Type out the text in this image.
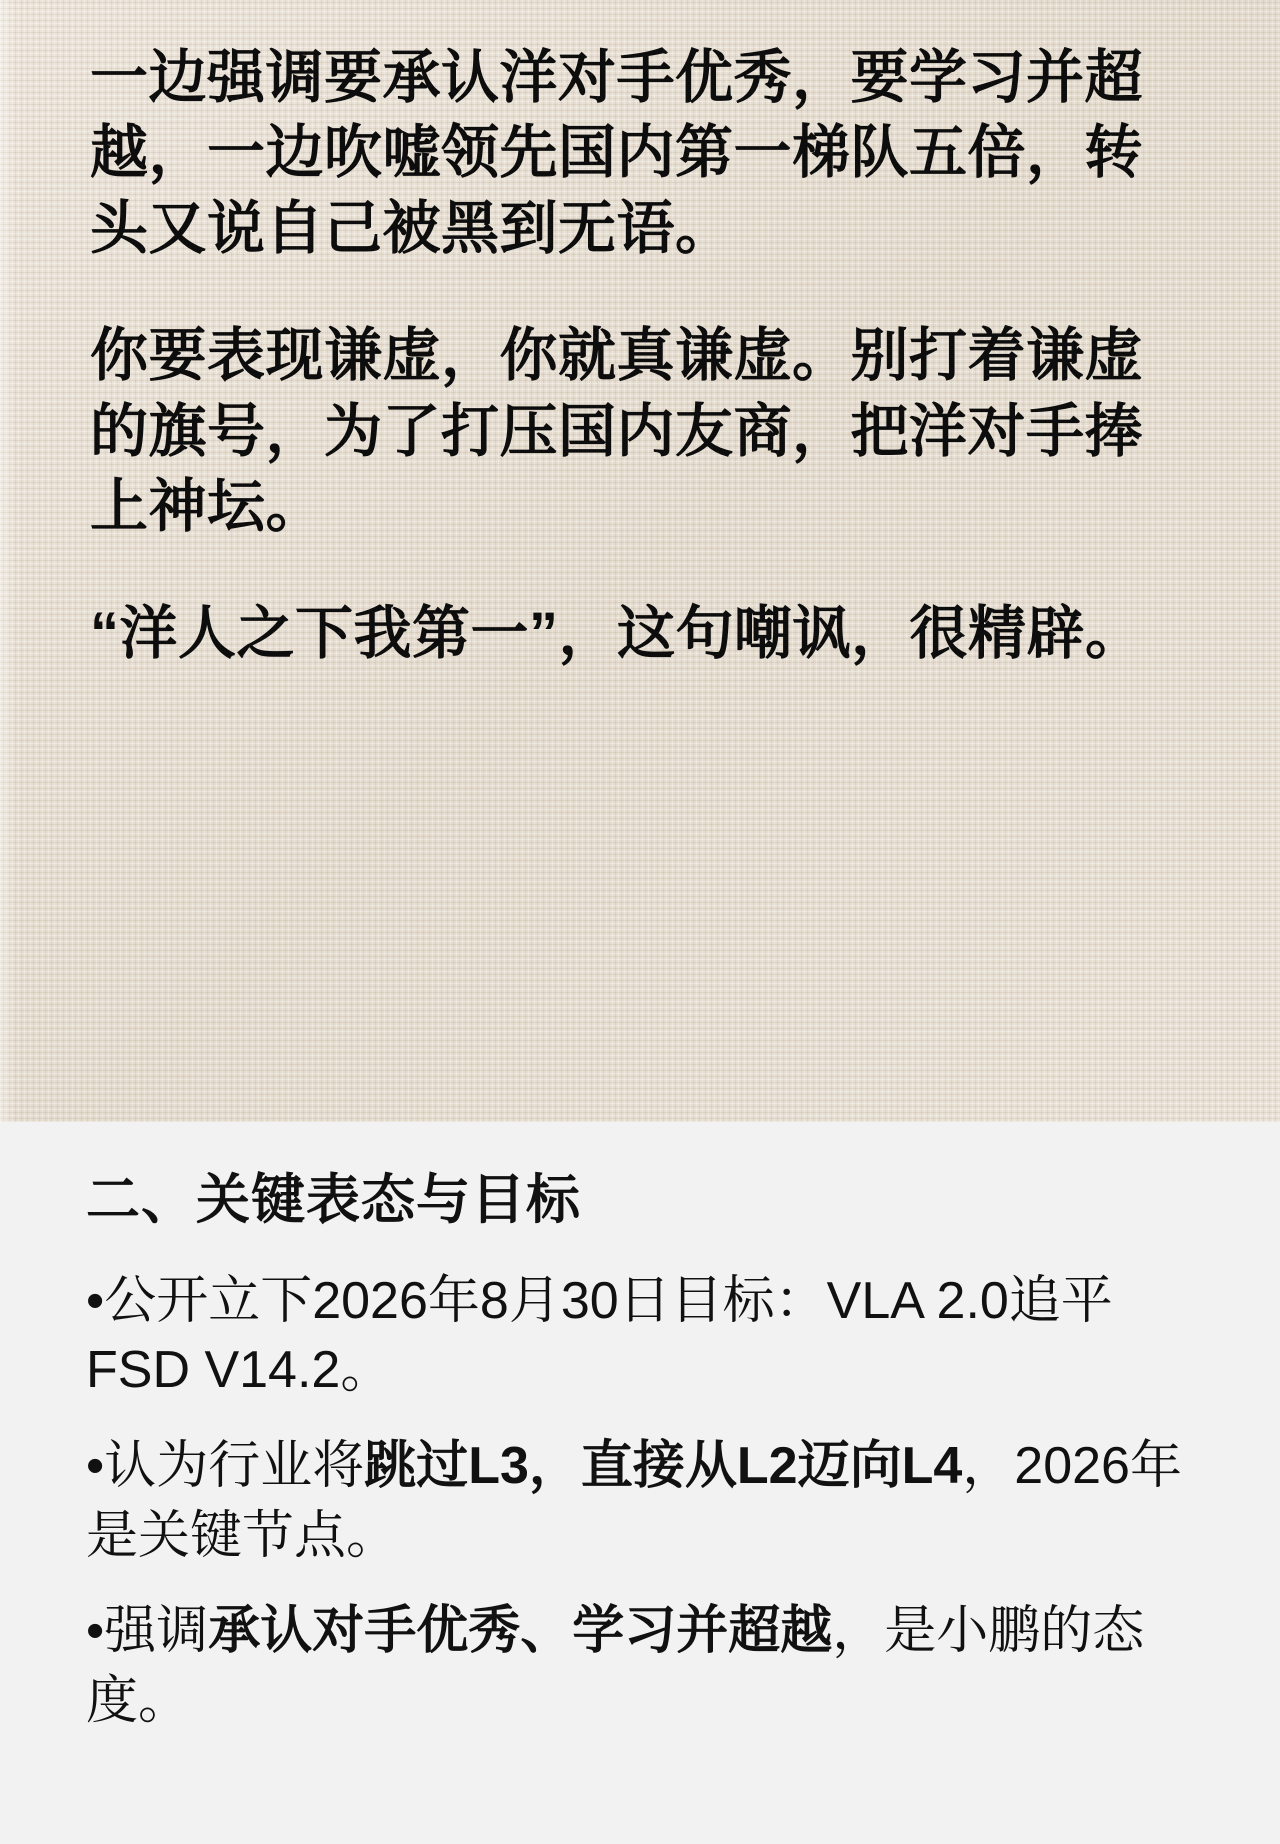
一边强调要承认洋对手优秀，要学习并超越，一边吹嘘领先国内第一梯队五倍，转头又说自己被黑到无语。

你要表现谦虚，你就真谦虚。别打着谦虚的旗号，为了打压国内友商，把洋对手捧上神坛。

“洋人之下我第一”，这句嘲讽，很精辟。

二、关键表态与目标
•公开立下2026年8月30日目标：VLA 2.0追平FSD V14.2。
•认为行业将跳过L3，直接从L2迈向L4，2026年是关键节点。
•强调承认对手优秀、学习并超越，是小鹏的态度。
